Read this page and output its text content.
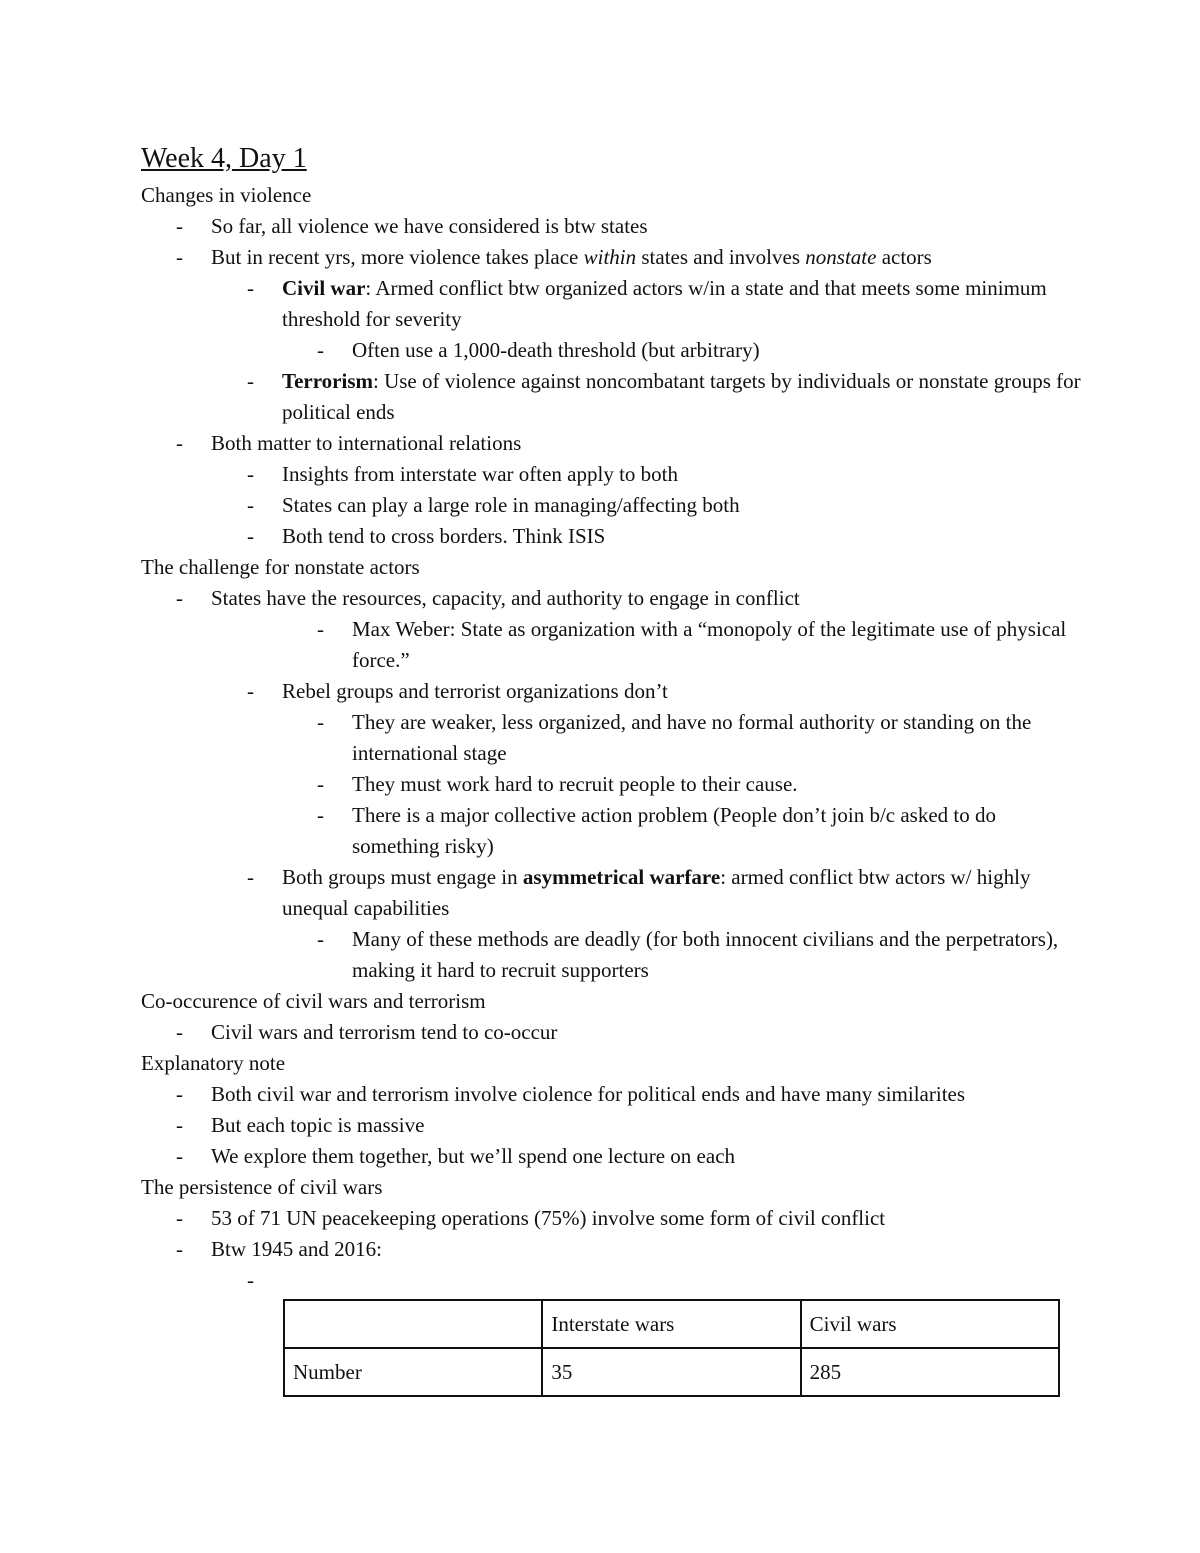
Week 4, Day 1
Changes in violence
- So far, all violence we have considered is btw states
- But in recent yrs, more violence takes place within states and involves nonstate actors
- Civil war: Armed conflict btw organized actors w/in a state and that meets some minimum threshold for severity
- Often use a 1,000-death threshold (but arbitrary)
- Terrorism: Use of violence against noncombatant targets by individuals or nonstate groups for political ends
- Both matter to international relations
- Insights from interstate war often apply to both
- States can play a large role in managing/affecting both
- Both tend to cross borders. Think ISIS
The challenge for nonstate actors
- States have the resources, capacity, and authority to engage in conflict
- Max Weber: State as organization with a “monopoly of the legitimate use of physical force.”
- Rebel groups and terrorist organizations don’t
- They are weaker, less organized, and have no formal authority or standing on the international stage
- They must work hard to recruit people to their cause.
- There is a major collective action problem (People don’t join b/c asked to do something risky)
- Both groups must engage in asymmetrical warfare: armed conflict btw actors w/ highly unequal capabilities
- Many of these methods are deadly (for both innocent civilians and the perpetrators), making it hard to recruit supporters
Co-occurence of civil wars and terrorism
- Civil wars and terrorism tend to co-occur
Explanatory note
- Both civil war and terrorism involve ciolence for political ends and have many similarites
- But each topic is massive
- We explore them together, but we’ll spend one lecture on each
The persistence of civil wars
- 53 of 71 UN peacekeeping operations (75%) involve some form of civil conflict
- Btw 1945 and 2016:
-

	Interstate wars	Civil wars
Number	35	285
